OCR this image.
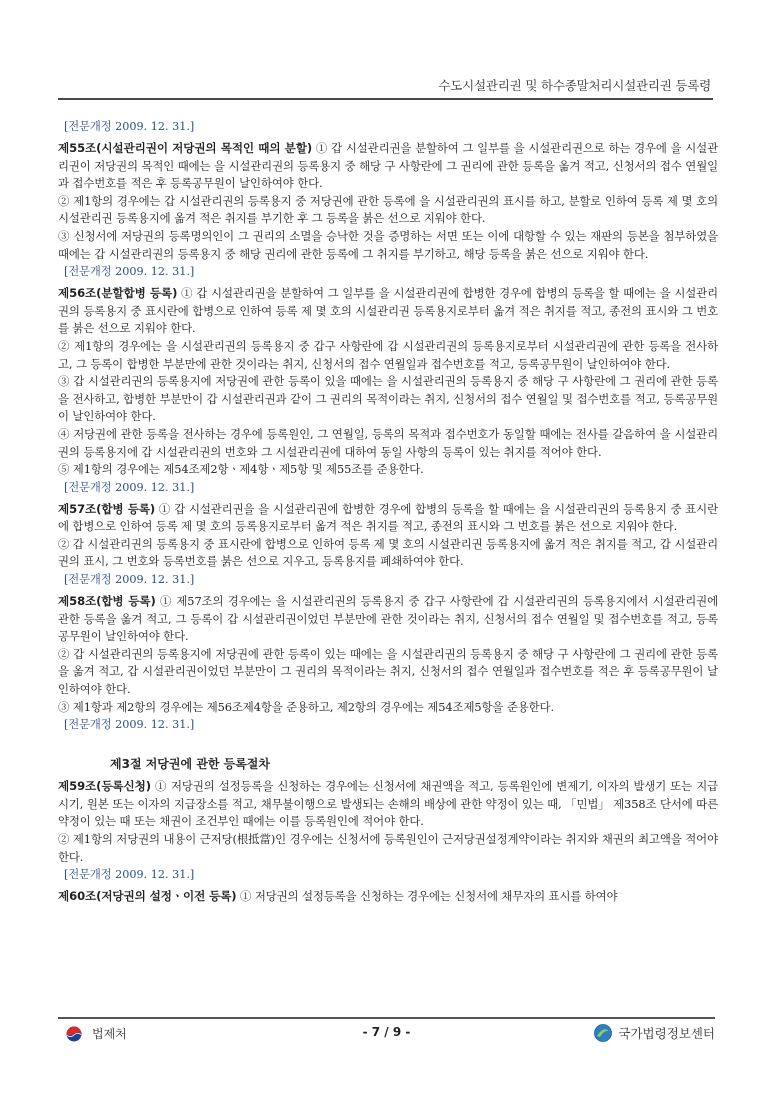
수도시설관리권 및 하수종말처리시설관리권 등록령
[전문개정 2009. 12. 31.]

제55조(시설관리권이 저당권의 목적인 때의 분할) ① 갑 시설관리권을 분할하여 그 일부를 을 시설관리권으로 하는 경우에 을 시설관리권이 저당권의 목적인 때에는 을 시설관리권의 등록용지 중 해당 구 사항란에 그 권리에 관한 등록을 옮겨 적고, 신청서의 접수 연월일과 접수번호를 적은 후 등록공무원이 날인하여야 한다.

② 제1항의 경우에는 갑 시설관리권의 등록용지 중 저당권에 관한 등록에 을 시설관리권의 표시를 하고, 분할로 인하여 등록 제 몇 호의 시설관리권 등록용지에 옮겨 적은 취지를 부기한 후 그 등록을 붉은 선으로 지워야 한다.

③ 신청서에 저당권의 등록명의인이 그 권리의 소멸을 승낙한 것을 증명하는 서면 또는 이에 대항할 수 있는 재판의 등본을 첨부하였을 때에는 갑 시설관리권의 등록용지 중 해당 권리에 관한 등록에 그 취지를 부기하고, 해당 등록을 붉은 선으로 지워야 한다.

[전문개정 2009. 12. 31.]

제56조(분할합병 등록) ① 갑 시설관리권을 분할하여 그 일부를 을 시설관리권에 합병한 경우에 합병의 등록을 할 때에는 을 시설관리권의 등록용지 중 표시란에 합병으로 인하여 등록 제 몇 호의 시설관리권 등록용지로부터 옮겨 적은 취지를 적고, 종전의 표시와 그 번호를 붉은 선으로 지워야 한다.

② 제1항의 경우에는 을 시설관리권의 등록용지 중 갑구 사항란에 갑 시설관리권의 등록용지로부터 시설관리권에 관한 등록을 전사하고, 그 등록이 합병한 부분만에 관한 것이라는 취지, 신청서의 접수 연월일과 접수번호를 적고, 등록공무원이 날인하여야 한다.

③ 갑 시설관리권의 등록용지에 저당권에 관한 등록이 있을 때에는 을 시설관리권의 등록용지 중 해당 구 사항란에 그 권리에 관한 등록을 전사하고, 합병한 부분만이 갑 시설관리권과 같이 그 권리의 목적이라는 취지, 신청서의 접수 연월일 및 접수번호를 적고, 등록공무원이 날인하여야 한다.

④ 저당권에 관한 등록을 전사하는 경우에 등록원인, 그 연월일, 등록의 목적과 접수번호가 동일할 때에는 전사를 갈음하여 을 시설관리권의 등록용지에 갑 시설관리권의 번호와 그 시설관리권에 대하여 동일 사항의 등록이 있는 취지를 적어야 한다.

⑤ 제1항의 경우에는 제54조제2항ㆍ제4항ㆍ제5항 및 제55조를 준용한다.

[전문개정 2009. 12. 31.]

제57조(합병 등록) ① 갑 시설관리권을 을 시설관리권에 합병한 경우에 합병의 등록을 할 때에는 을 시설관리권의 등록용지 중 표시란에 합병으로 인하여 등록 제 몇 호의 등록용지로부터 옮겨 적은 취지를 적고, 종전의 표시와 그 번호를 붉은 선으로 지워야 한다.

② 갑 시설관리권의 등록용지 중 표시란에 합병으로 인하여 등록 제 몇 호의 시설관리권 등록용지에 옮겨 적은 취지를 적고, 갑 시설관리권의 표시, 그 번호와 등록번호를 붉은 선으로 지우고, 등록용지를 폐쇄하여야 한다.

[전문개정 2009. 12. 31.]

제58조(합병 등록) ① 제57조의 경우에는 을 시설관리권의 등록용지 중 갑구 사항란에 갑 시설관리권의 등록용지에서 시설관리권에 관한 등록을 옮겨 적고, 그 등록이 갑 시설관리권이었던 부분만에 관한 것이라는 취지, 신청서의 접수 연월일 및 접수번호를 적고, 등록공무원이 날인하여야 한다.

② 갑 시설관리권의 등록용지에 저당권에 관한 등록이 있는 때에는 을 시설관리권의 등록용지 중 해당 구 사항란에 그 권리에 관한 등록을 옮겨 적고, 갑 시설관리권이었던 부분만이 그 권리의 목적이라는 취지, 신청서의 접수 연월일과 접수번호를 적은 후 등록공무원이 날인하여야 한다.

③ 제1항과 제2항의 경우에는 제56조제4항을 준용하고, 제2항의 경우에는 제54조제5항을 준용한다.

[전문개정 2009. 12. 31.]
제3절 저당권에 관한 등록절차

제59조(등록신청) ① 저당권의 설정등록을 신청하는 경우에는 신청서에 채권액을 적고, 등록원인에 변제기, 이자의 발생기 또는 지급시기, 원본 또는 이자의 지급장소를 적고, 채무불이행으로 발생되는 손해의 배상에 관한 약정이 있는 때, 「민법」 제358조 단서에 따른 약정이 있는 때 또는 채권이 조건부인 때에는 이를 등록원인에 적어야 한다.

② 제1항의 저당권의 내용이 근저당(根抵當)인 경우에는 신청서에 등록원인이 근저당권설정계약이라는 취지와 채권의 최고액을 적어야 한다.

[전문개정 2009. 12. 31.]

제60조(저당권의 설정ㆍ이전 등록) ① 저당권의 설정등록을 신청하는 경우에는 신청서에 채무자의 표시를 하여야

법제처	- 7 / 9 -	국가법령정보센터
